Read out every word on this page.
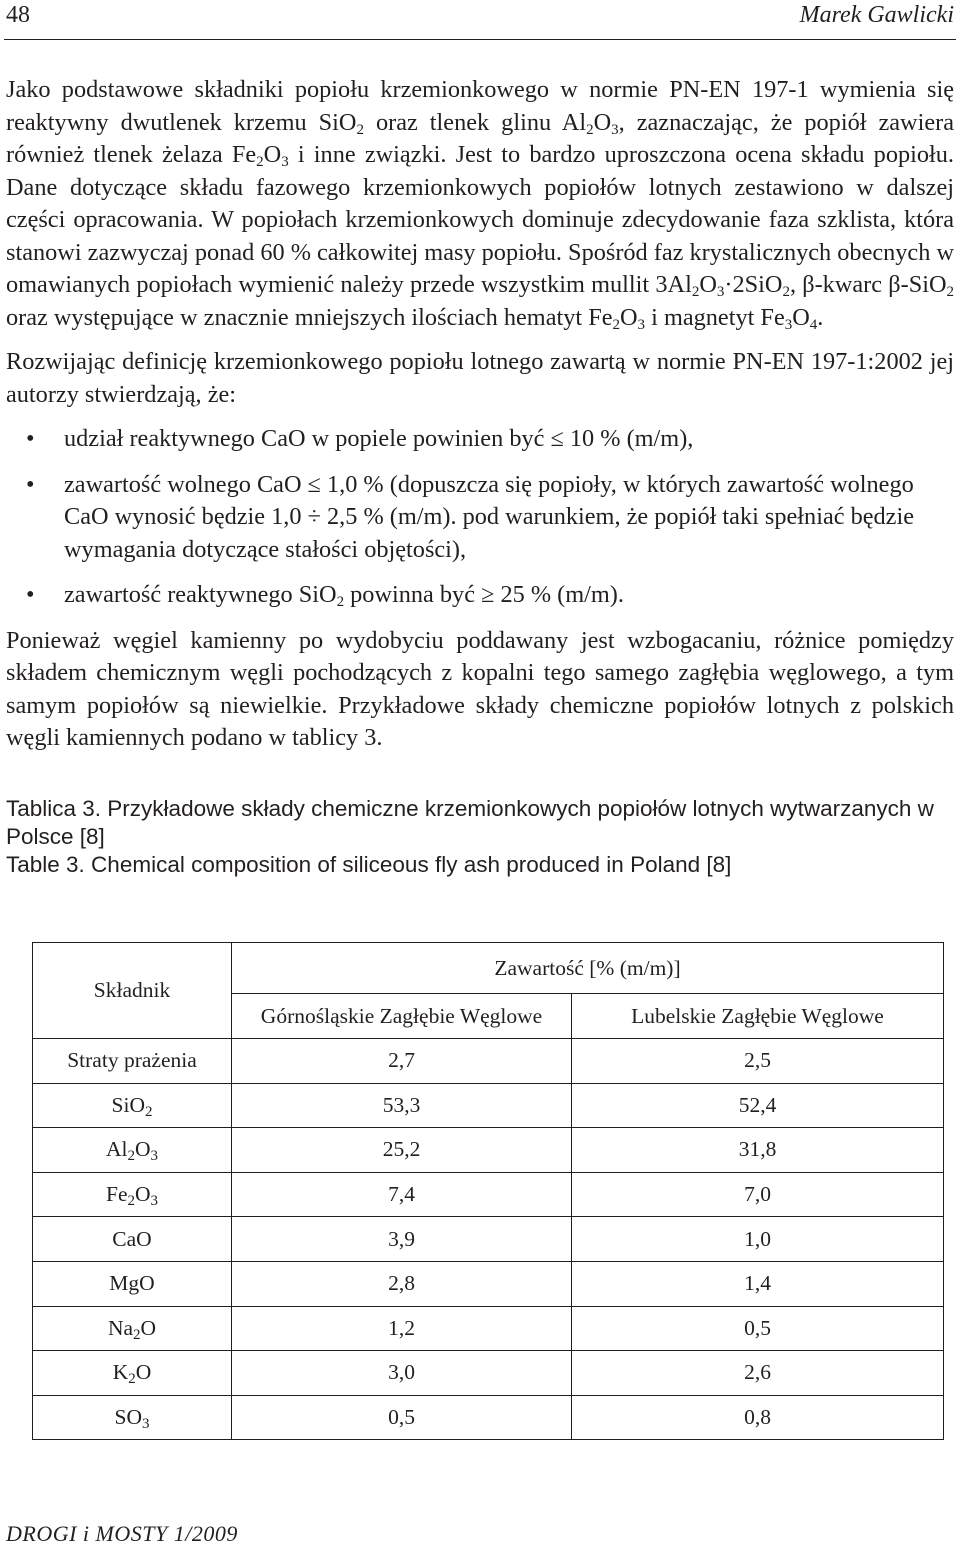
48	Marek Gawlicki

Jako podstawowe składniki popiołu krzemionkowego w normie PN-EN 197-1 wymienia się reaktywny dwutlenek krzemu SiO$_2$ oraz tlenek glinu $Al_2O_3$, zaznaczając, że popiół zawiera również tlenek żelaza $Fe_2O_3$ i inne związki. Jest to bardzo uproszczona ocena składu popiołu. Dane dotyczące składu fazowego krzemionkowych popiołów lotnych zestawiono w dalszej części opracowania. W popiołach krzemionkowych dominuje zdecydowanie faza szklista, która stanowi zazwyczaj ponad 60 % całkowitej masy popiołu. Spośród faz krystalicznych obecnych w omawianych popiołach wymienić należy przede wszystkim mullit $3Al_2O_3\cdot 2SiO_2$, β-kwarc β-SiO$_2$ oraz występujące w znacznie mniejszych ilościach hematyt $Fe_2O_3$ i magnetyt $Fe_3O_4$.

Rozwijając definicję krzemionkowego popiołu lotnego zawartą w normie PN-EN 197-1:2002 jej autorzy stwierdzają, że:

• udział reaktywnego CaO w popiele powinien być ≤ 10 % (m/m),
• zawartość wolnego CaO ≤ 1,0 % (dopuszcza się popioły, w których zawartość wolnego CaO wynosić będzie 1,0 ÷ 2,5 % (m/m). pod warunkiem, że popiół taki spełniać będzie wymagania dotyczące stałości objętości),
• zawartość reaktywnego SiO$_2$ powinna być ≥ 25 % (m/m).

Ponieważ węgiel kamienny po wydobyciu poddawany jest wzbogacaniu, różnice pomiędzy składem chemicznym węgli pochodzących z kopalni tego samego zagłębia węglowego, a tym samym popiołów są niewielkie. Przykładowe składy chemiczne popiołów lotnych z polskich węgli kamiennych podano w tablicy 3.

Tablica 3. Przykładowe składy chemiczne krzemionkowych popiołów lotnych wytwarzanych w Polsce [8]
Table 3. Chemical composition of siliceous fly ash produced in Poland [8]
Składnik	Zawartość [% (m/m)]	
	Górnośląskie Zagłębie Węglowe	Lubelskie Zagłębie Węglowe
Straty prażenia	2,7	2,5
SiO$_2$	53,3	52,4
$Al_2O_3$	25,2	31,8
$Fe_2O_3$	7,4	7,0
CaO	3,9	1,0
MgO	2,8	1,4
$Na_2O$	1,2	0,5
$K_2O$	3,0	2,6
$SO_3$	0,5	0,8
DROGI i MOSTY 1/2009
